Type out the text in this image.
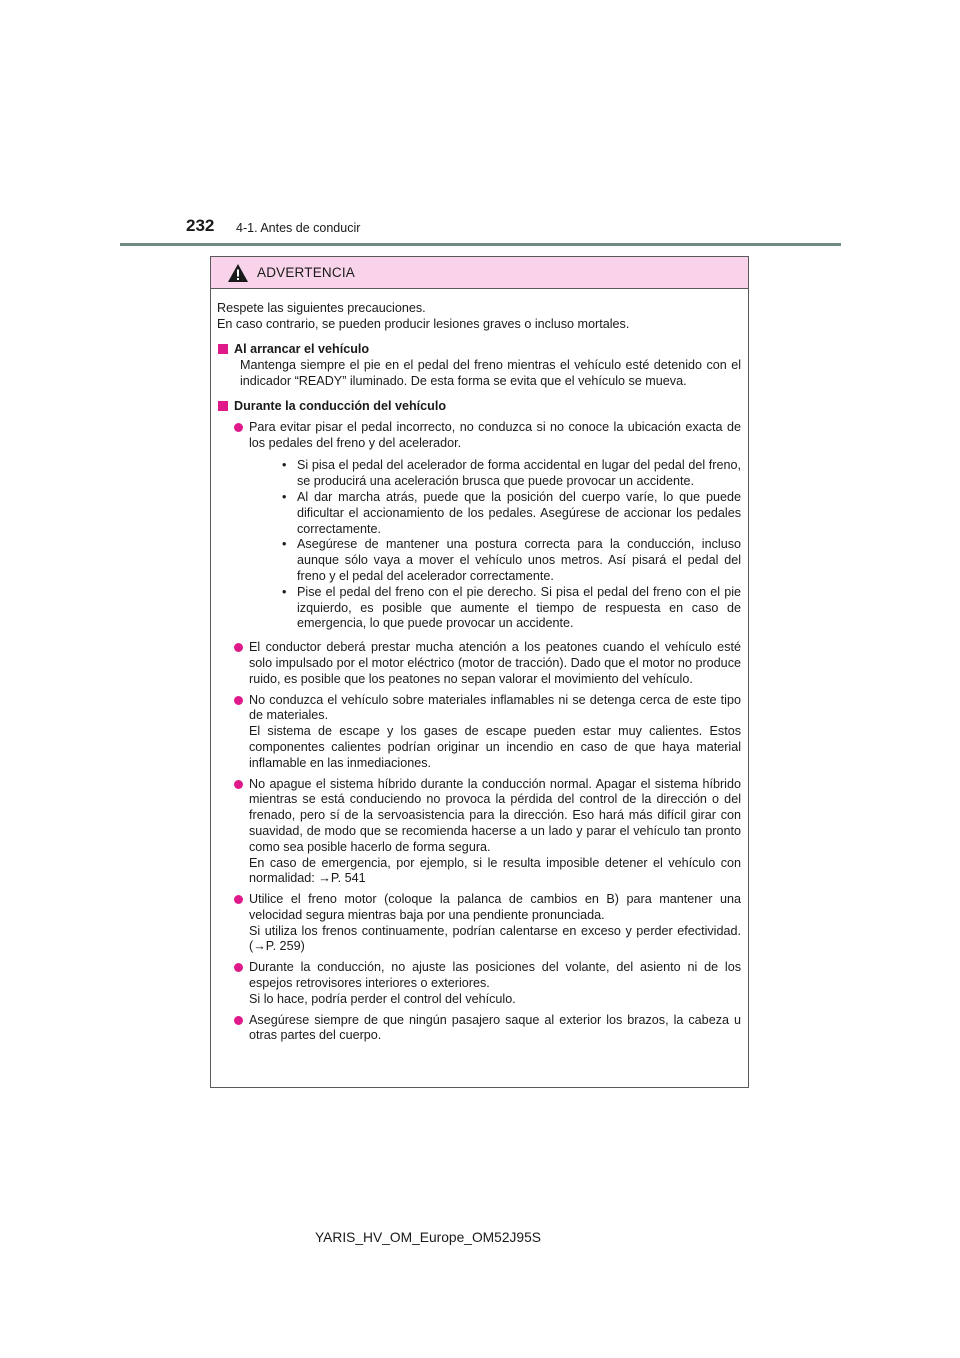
232 4-1. Antes de conducir
ADVERTENCIA

Respete las siguientes precauciones.

En caso contrario, se pueden producir lesiones graves o incluso mortales.

Al arrancar el vehículo

Mantenga siempre el pie en el pedal del freno mientras el vehículo esté detenido con el indicador “READY” iluminado. De esta forma se evita que el vehículo se mueva.

Durante la conducción del vehículo

Para evitar pisar el pedal incorrecto, no conduzca si no conoce la ubicación exacta de los pedales del freno y del acelerador.

• Si pisa el pedal del acelerador de forma accidental en lugar del pedal del freno, se producirá una aceleración brusca que puede provocar un accidente.
• Al dar marcha atrás, puede que la posición del cuerpo varíe, lo que puede dificultar el accionamiento de los pedales. Asegúrese de accionar los pedales correctamente.
• Asegúrese de mantener una postura correcta para la conducción, incluso aunque sólo vaya a mover el vehículo unos metros. Así pisará el pedal del freno y el pedal del acelerador correctamente.
• Pise el pedal del freno con el pie derecho. Si pisa el pedal del freno con el pie izquierdo, es posible que aumente el tiempo de respuesta en caso de emergencia, lo que puede provocar un accidente.

El conductor deberá prestar mucha atención a los peatones cuando el vehículo esté solo impulsado por el motor eléctrico (motor de tracción). Dado que el motor no produce ruido, es posible que los peatones no sepan valorar el movimiento del vehículo.

No conduzca el vehículo sobre materiales inflamables ni se detenga cerca de este tipo de materiales.

El sistema de escape y los gases de escape pueden estar muy calientes. Estos componentes calientes podrían originar un incendio en caso de que haya material inflamable en las inmediaciones.

No apague el sistema híbrido durante la conducción normal. Apagar el sistema híbrido mientras se está conduciendo no provoca la pérdida del control de la dirección o del frenado, pero sí de la servoasistencia para la dirección. Eso hará más difícil girar con suavidad, de modo que se recomienda hacerse a un lado y parar el vehículo tan pronto como sea posible hacerlo de forma segura.

En caso de emergencia, por ejemplo, si le resulta imposible detener el vehículo con normalidad: →P. 541

Utilice el freno motor (coloque la palanca de cambios en B) para mantener una velocidad segura mientras baja por una pendiente pronunciada.

Si utiliza los frenos continuamente, podrían calentarse en exceso y perder efectividad. (→P. 259)

Durante la conducción, no ajuste las posiciones del volante, del asiento ni de los espejos retrovisores interiores o exteriores.

Si lo hace, podría perder el control del vehículo.

Asegúrese siempre de que ningún pasajero saque al exterior los brazos, la cabeza u otras partes del cuerpo.

YARIS_HV_OM_Europe_OM52J95S
